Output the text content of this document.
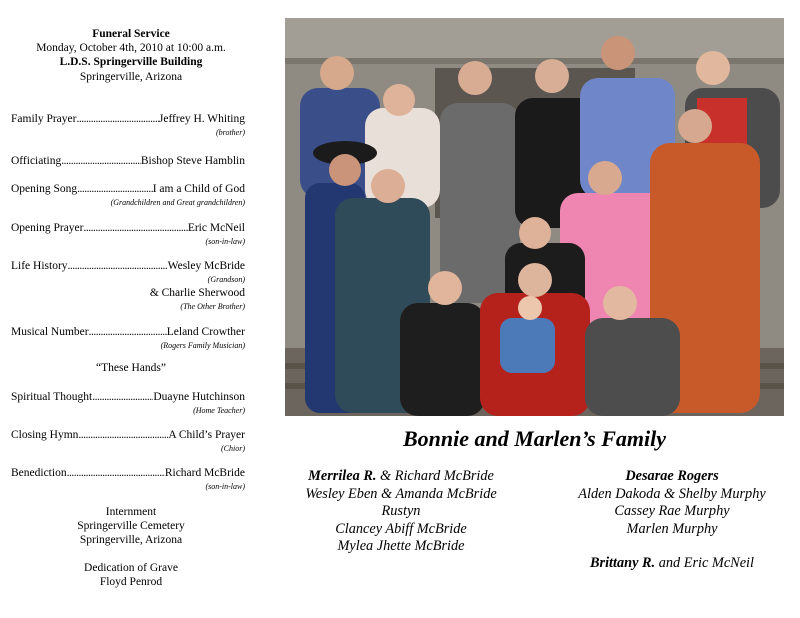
Funeral Service
Monday, October 4th, 2010 at 10:00 a.m.
L.D.S. Springerville Building
Springerville, Arizona
Family Prayer .....	Jeffrey H. Whiting
(brother)
Officiating .....	Bishop Steve Hamblin
Opening Song .....	I am a Child of God
(Grandchildren and Great grandchildren)
Opening Prayer .....	Eric McNeil
(son-in-law)
Life History .....	Wesley McBride
(Grandson)
& Charlie Sherwood
(The Other Brother)
Musical Number .....	Leland Crowther
(Rogers Family Musician)
“These Hands”
Spiritual Thought .....	Duayne Hutchinson
(Home Teacher)
Closing Hymn .....	A Child’s Prayer
(Chior)
Benediction .....	Richard McBride
(son-in-law)
Internment
Springerville Cemetery
Springerville, Arizona
Dedication of Grave
Floyd Penrod
Bonnie and Marlen’s Family
Merrilea R. & Richard McBride
Wesley Eben & Amanda McBride
Rustyn
Clancey Abiff McBride
Mylea Jhette McBride
Desarae Rogers
Alden Dakoda & Shelby Murphy
Cassey Rae Murphy
Marlen Murphy
Brittany R. and Eric McNeil
